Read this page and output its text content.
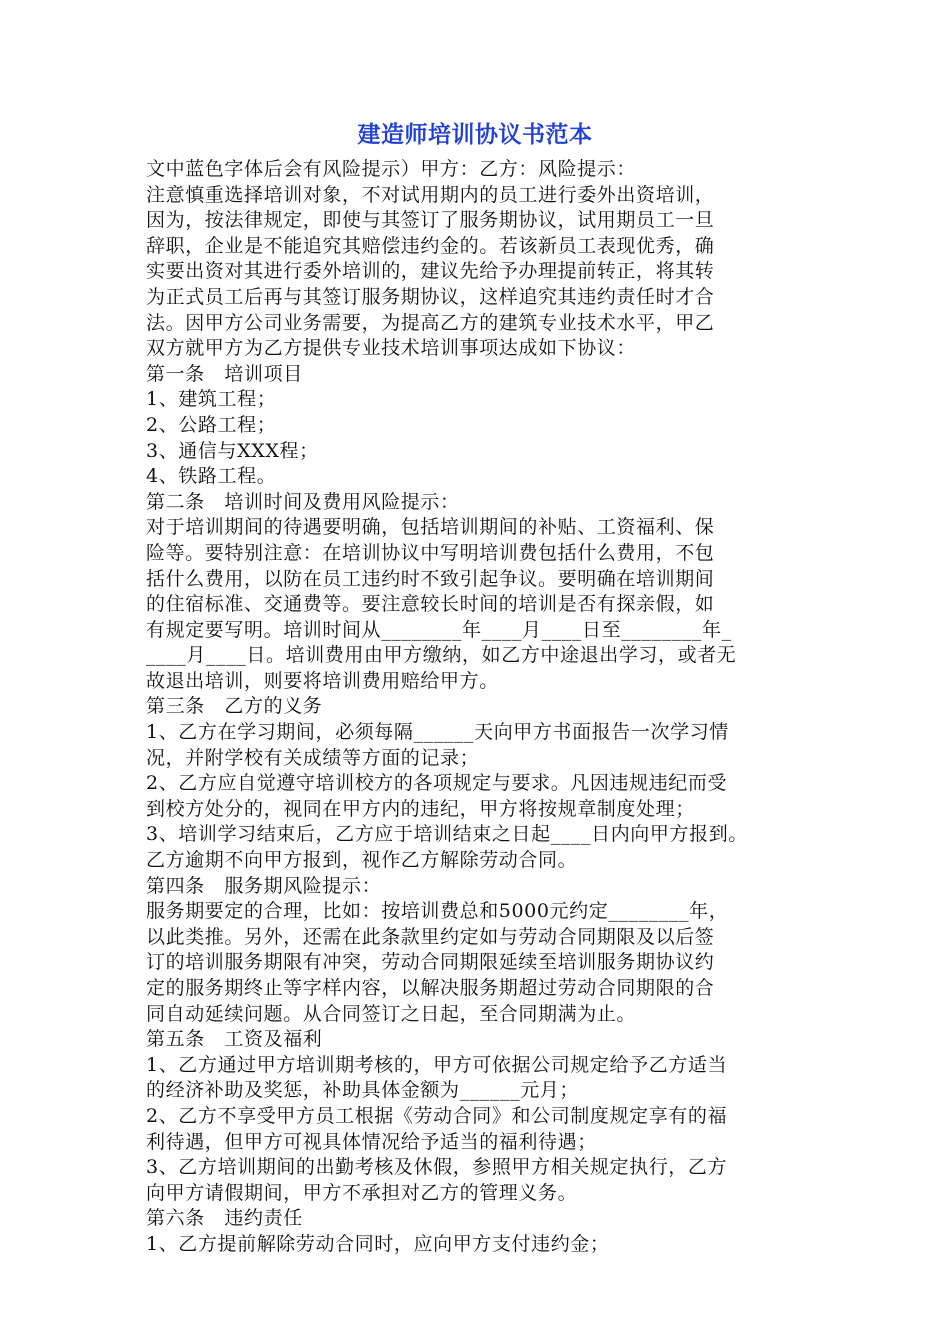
建造师培训协议书范本
文中蓝色字体后会有风险提示）甲方：乙方：风险提示：
注意慎重选择培训对象，不对试用期内的员工进行委外出资培训，
因为，按法律规定，即使与其签订了服务期协议，试用期员工一旦
辞职，企业是不能追究其赔偿违约金的。若该新员工表现优秀，确
实要出资对其进行委外培训的，建议先给予办理提前转正，将其转
为正式员工后再与其签订服务期协议，这样追究其违约责任时才合
法。因甲方公司业务需要，为提高乙方的建筑专业技术水平，甲乙
双方就甲方为乙方提供专业技术培训事项达成如下协议：
第一条　培训项目
1、建筑工程；
2、公路工程；
3、通信与XXX程；
4、铁路工程。
第二条　培训时间及费用风险提示：
对于培训期间的待遇要明确，包括培训期间的补贴、工资福利、保
险等。要特别注意：在培训协议中写明培训费包括什么费用，不包
括什么费用，以防在员工违约时不致引起争议。要明确在培训期间
的住宿标准、交通费等。要注意较长时间的培训是否有探亲假，如
有规定要写明。培训时间从________年____月____日至________年_
____月____日。培训费用由甲方缴纳，如乙方中途退出学习，或者无
故退出培训，则要将培训费用赔给甲方。
第三条　乙方的义务
1、乙方在学习期间，必须每隔______天向甲方书面报告一次学习情
况，并附学校有关成绩等方面的记录；
2、乙方应自觉遵守培训校方的各项规定与要求。凡因违规违纪而受
到校方处分的，视同在甲方内的违纪，甲方将按规章制度处理；
3、培训学习结束后，乙方应于培训结束之日起____日内向甲方报到。
乙方逾期不向甲方报到，视作乙方解除劳动合同。
第四条　服务期风险提示：
服务期要定的合理，比如：按培训费总和5000元约定________年，
以此类推。另外，还需在此条款里约定如与劳动合同期限及以后签
订的培训服务期限有冲突，劳动合同期限延续至培训服务期协议约
定的服务期终止等字样内容，以解决服务期超过劳动合同期限的合
同自动延续问题。从合同签订之日起，至合同期满为止。
第五条　工资及福利
1、乙方通过甲方培训期考核的，甲方可依据公司规定给予乙方适当
的经济补助及奖惩，补助具体金额为______元月；
2、乙方不享受甲方员工根据《劳动合同》和公司制度规定享有的福
利待遇，但甲方可视具体情况给予适当的福利待遇；
3、乙方培训期间的出勤考核及休假，参照甲方相关规定执行，乙方
向甲方请假期间，甲方不承担对乙方的管理义务。
第六条　违约责任
1、乙方提前解除劳动合同时，应向甲方支付违约金；
